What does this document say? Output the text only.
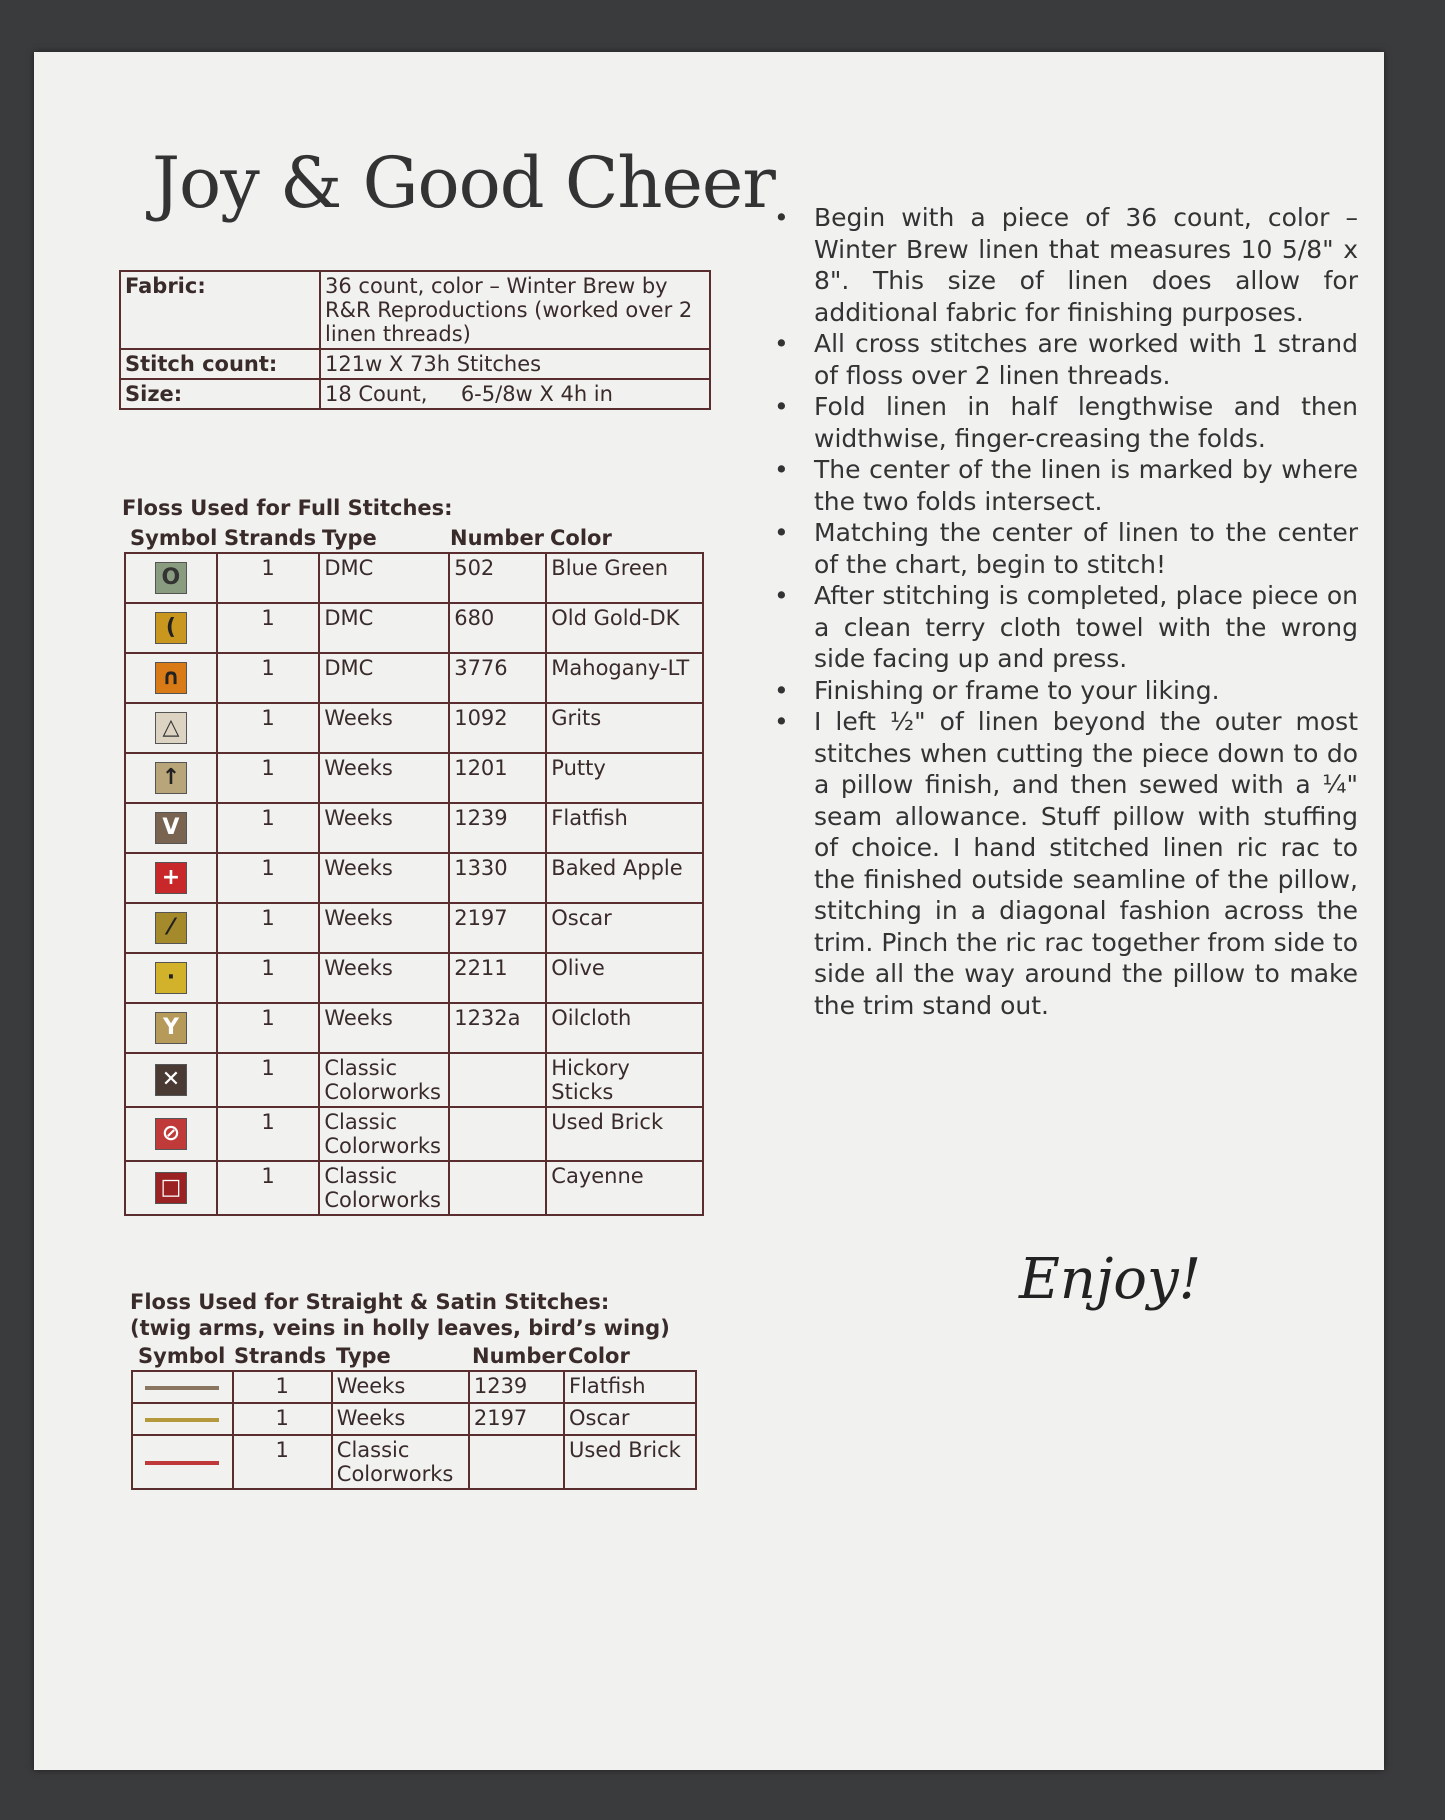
Joy & Good Cheer
Fabric:	36 count, color – Winter Brew by R&R Reproductions (worked over 2 linen threads)
Stitch count:	121w X 73h Stitches
Size:	18 Count,     6-5/8w X 4h in
Floss Used for Full Stitches:
Symbol Strands Type	Number Color
O	1	DMC	502	Blue Green
(	1	DMC	680	Old Gold-DK
∩	1	DMC	3776	Mahogany-LT
△	1	Weeks	1092	Grits
↑	1	Weeks	1201	Putty
V	1	Weeks	1239	Flatfish
+	1	Weeks	1330	Baked Apple
⁄	1	Weeks	2197	Oscar
·	1	Weeks	2211	Olive
Y	1	Weeks	1232a	Oilcloth
✕	1	Classic Colorworks		Hickory Sticks
⊘	1	Classic Colorworks		Used Brick
□	1	Classic Colorworks		Cayenne
Floss Used for Straight & Satin Stitches:
(twig arms, veins in holly leaves, bird’s wing)
Symbol Strands Type	Number Color
	1	Weeks	1239	Flatfish
	1	Weeks	2197	Oscar
	1	Classic Colorworks		Used Brick
• Begin with a piece of 36 count, color – Winter Brew linen that measures 10 5/8" x 8". This size of linen does allow for additional fabric for finishing purposes.
• All cross stitches are worked with 1 strand of floss over 2 linen threads.
• Fold linen in half lengthwise and then widthwise, finger-creasing the folds.
• The center of the linen is marked by where the two folds intersect.
• Matching the center of linen to the center of the chart, begin to stitch!
• After stitching is completed, place piece on a clean terry cloth towel with the wrong side facing up and press.
• Finishing or frame to your liking.
• I left ½" of linen beyond the outer most stitches when cutting the piece down to do a pillow finish, and then sewed with a ¼" seam allowance. Stuff pillow with stuffing of choice. I hand stitched linen ric rac to the finished outside seamline of the pillow, stitching in a diagonal fashion across the trim. Pinch the ric rac together from side to side all the way around the pillow to make the trim stand out.
Enjoy!
